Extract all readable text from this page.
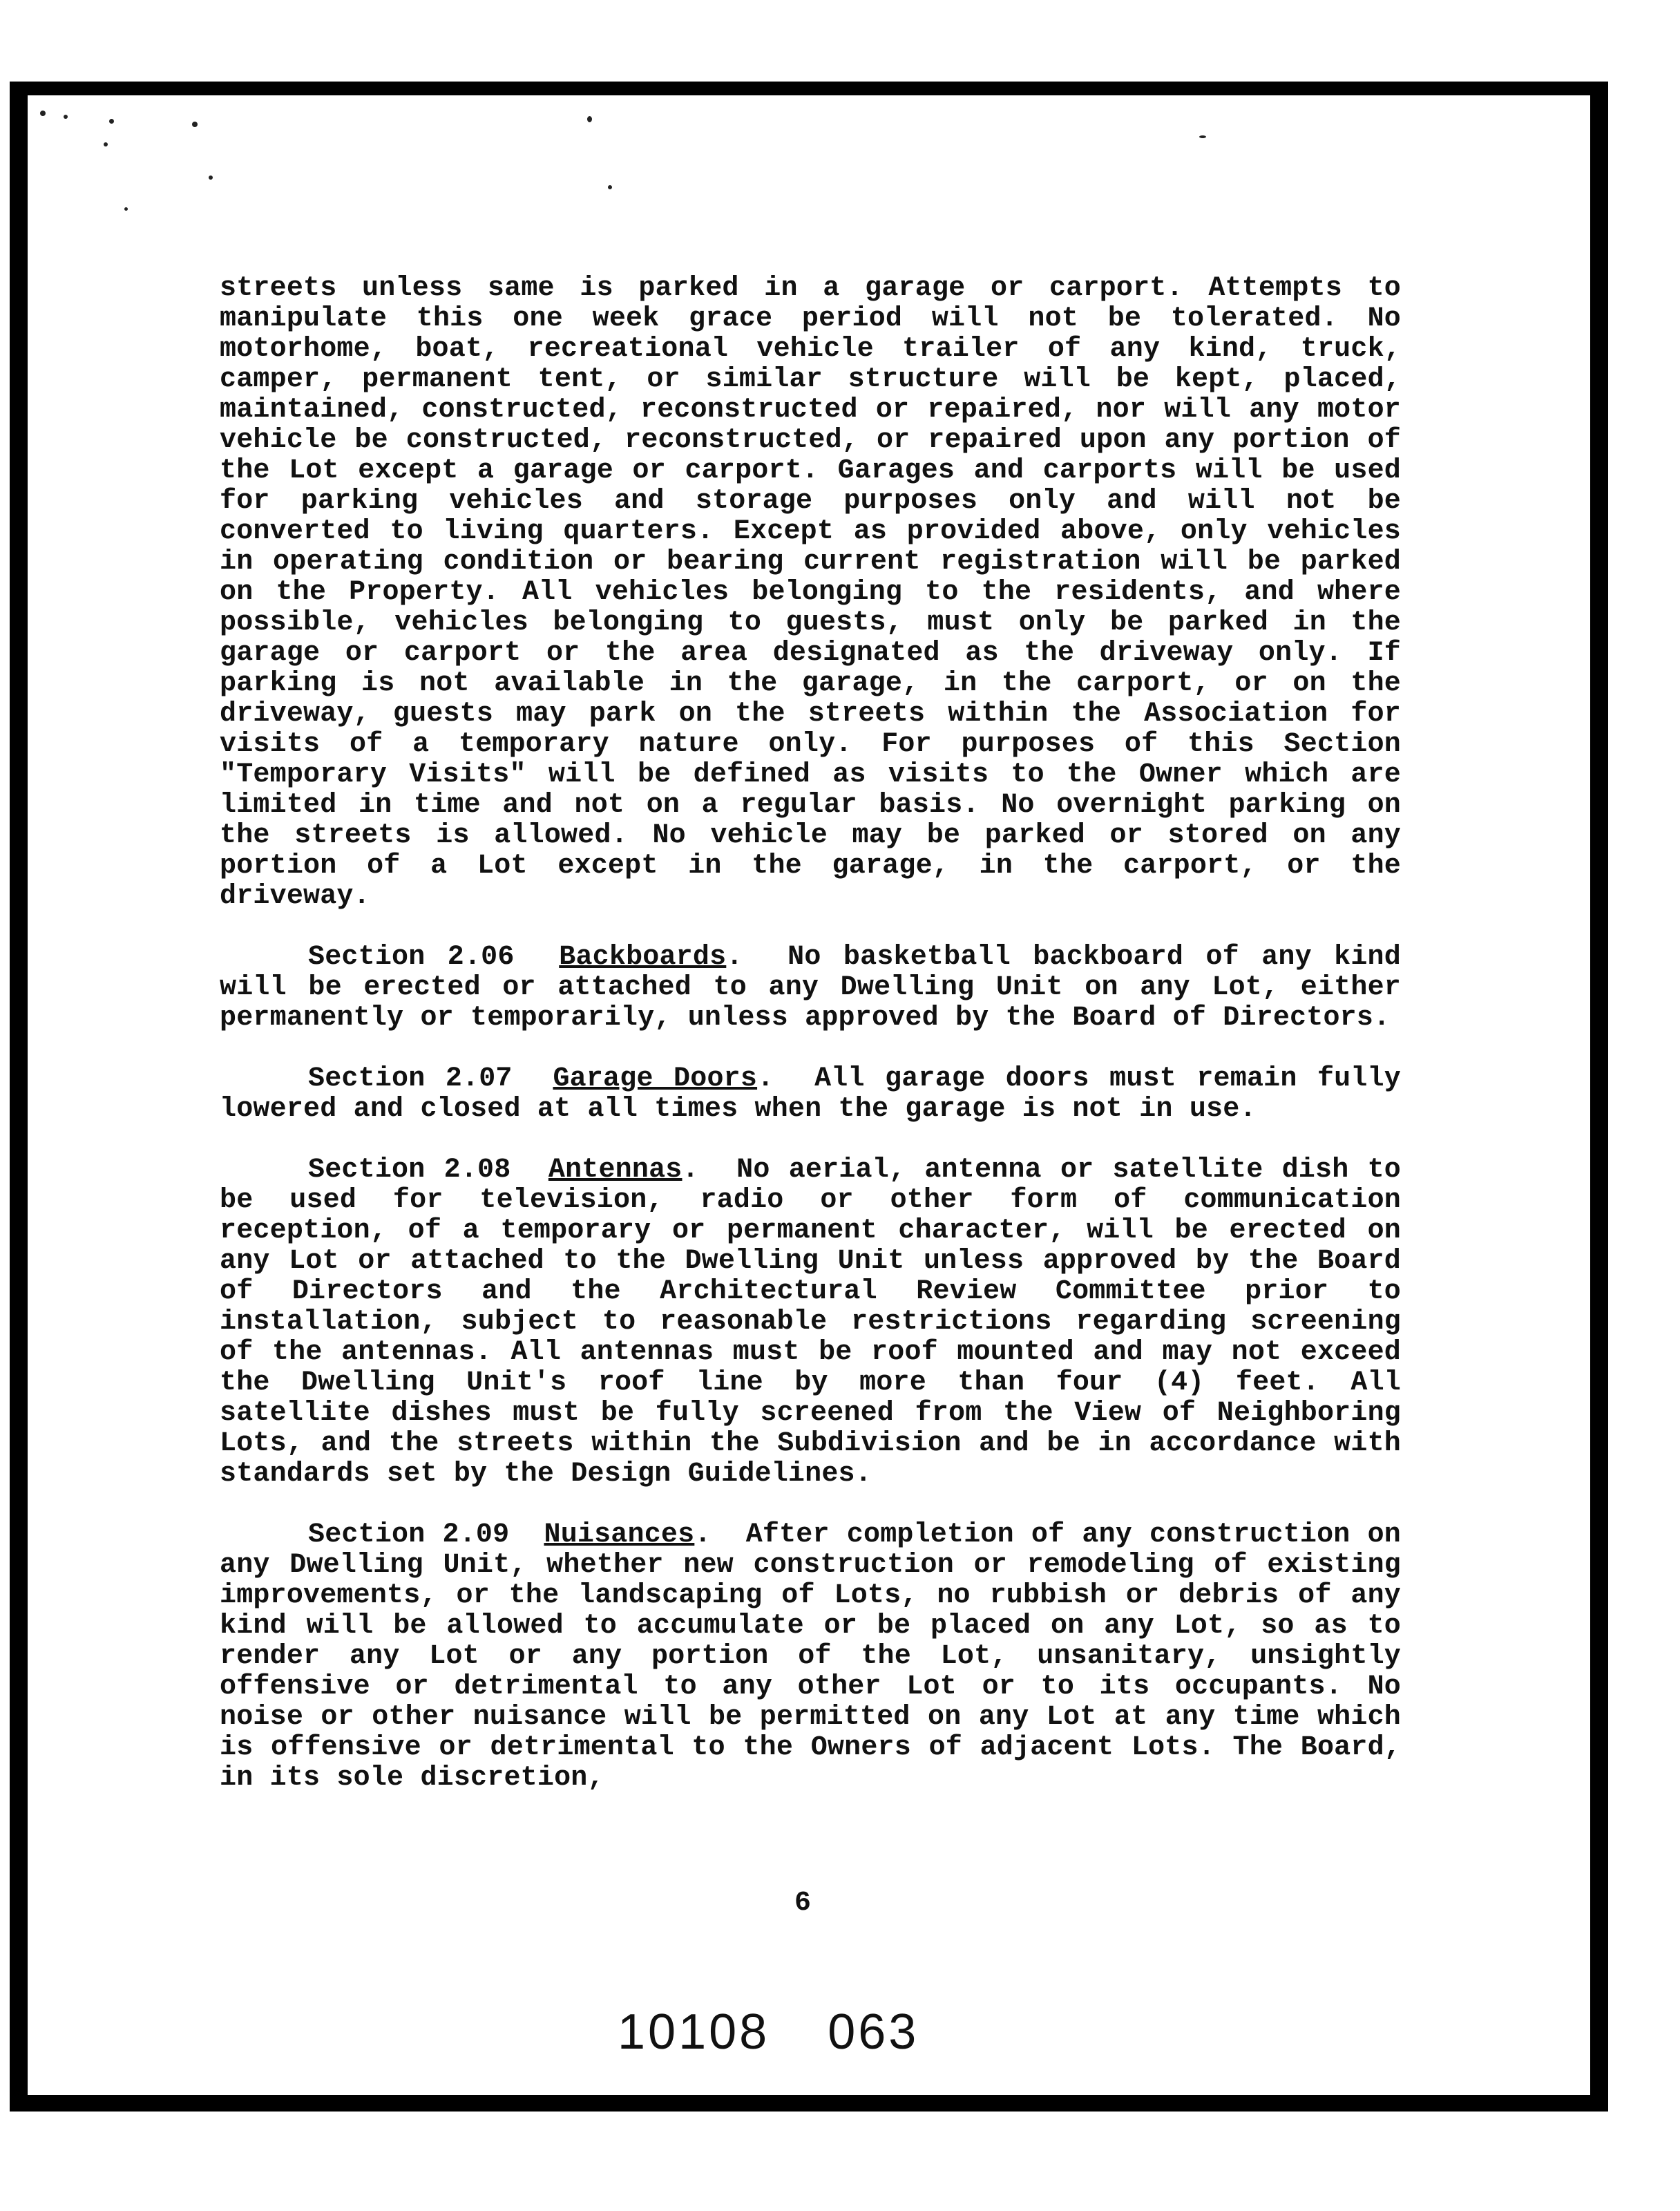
streets unless same is parked in a garage or carport. Attempts to manipulate this one week grace period will not be tolerated. No motorhome, boat, recreational vehicle trailer of any kind, truck, camper, permanent tent, or similar structure will be kept, placed, maintained, constructed, reconstructed or repaired, nor will any motor vehicle be constructed, reconstructed, or repaired upon any portion of the Lot except a garage or carport. Garages and carports will be used for parking vehicles and storage purposes only and will not be converted to living quarters. Except as provided above, only vehicles in operating condition or bearing current registration will be parked on the Property. All vehicles belonging to the residents, and where possible, vehicles belonging to guests, must only be parked in the garage or carport or the area designated as the driveway only. If parking is not available in the garage, in the carport, or on the driveway, guests may park on the streets within the Association for visits of a temporary nature only. For purposes of this Section "Temporary Visits" will be defined as visits to the Owner which are limited in time and not on a regular basis. No overnight parking on the streets is allowed. No vehicle may be parked or stored on any portion of a Lot except in the garage, in the carport, or the driveway.

Section 2.06 Backboards.  No basketball backboard of any kind will be erected or attached to any Dwelling Unit on any Lot, either permanently or temporarily, unless approved by the Board of Directors.

Section 2.07 Garage Doors.  All garage doors must remain fully lowered and closed at all times when the garage is not in use.

Section 2.08 Antennas.  No aerial, antenna or satellite dish to be used for television, radio or other form of communication reception, of a temporary or permanent character, will be erected on any Lot or attached to the Dwelling Unit unless approved by the Board of Directors and the Architectural Review Committee prior to installation, subject to reasonable restrictions regarding screening of the antennas. All antennas must be roof mounted and may not exceed the Dwelling Unit's roof line by more than four (4) feet. All satellite dishes must be fully screened from the View of Neighboring Lots, and the streets within the Subdivision and be in accordance with standards set by the Design Guidelines.

Section 2.09 Nuisances.  After completion of any construction on any Dwelling Unit, whether new construction or remodeling of existing improvements, or the landscaping of Lots, no rubbish or debris of any kind will be allowed to accumulate or be placed on any Lot, so as to render any Lot or any portion of the Lot, unsanitary, unsightly offensive or detrimental to any other Lot or to its occupants. No noise or other nuisance will be permitted on any Lot at any time which is offensive or detrimental to the Owners of adjacent Lots. The Board, in its sole discretion,

6
10108 063
